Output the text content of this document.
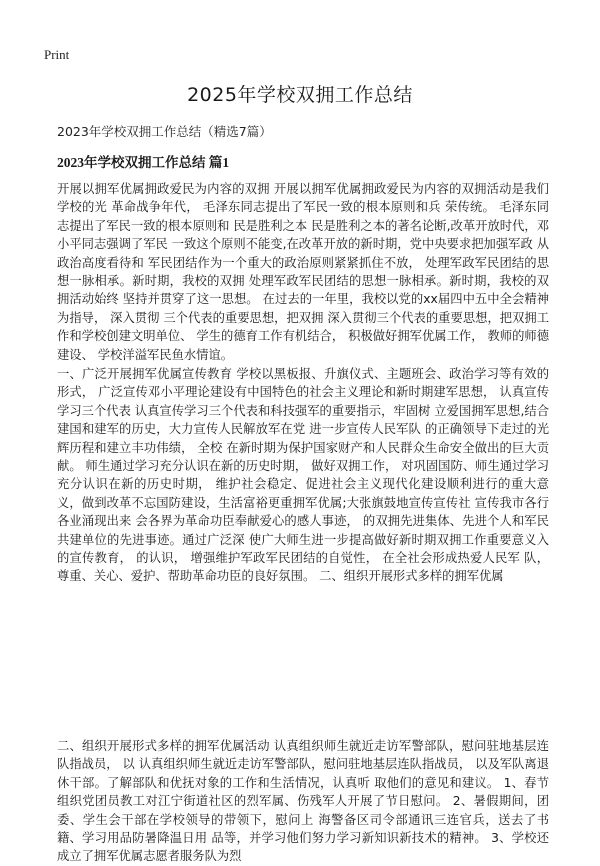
Print
2025年学校双拥工作总结

2023年学校双拥工作总结（精选7篇）

2023年学校双拥工作总结 篇1

开展以拥军优属拥政爱民为内容的双拥 开展以拥军优属拥政爱民为内容的双拥活动是我们学校的光 革命战争年代， 毛泽东同志提出了军民一致的根本原则和兵 荣传统。 毛泽东同志提出了军民一致的根本原则和 民是胜利之本 民是胜利之本的著名论断,改革开放时代，邓小平同志强调了军民 一致这个原则不能变,在改革开放的新时期，党中央要求把加强军政 从政治高度看待和 军民团结作为一个重大的政治原则紧紧抓住不放， 处理军政军民团结的思想一脉相承。新时期，我校的双拥 处理军政军民团结的思想一脉相承。新时期，我校的双拥活动始终 坚持并贯穿了这一思想。 在过去的一年里，我校以党的xx届四中五中全会精神为指导， 深入贯彻 三个代表的重要思想，把双拥 深入贯彻三个代表的重要思想，把双拥工作和学校创建文明单位、 学生的德育工作有机结合， 积极做好拥军优属工作， 教师的师德建设、 学校洋溢军民鱼水情谊。

一、广泛开展拥军优属宣传教育 学校以黑板报、升旗仪式、主题班会、政治学习等有效的形式， 广泛宣传邓小平理论建设有中国特色的社会主义理论和新时期建军思想， 认真宣传学习三个代表 认真宣传学习三个代表和科技强军的重要指示，牢固树 立爱国拥军思想,结合建国和建军的历史，大力宣传人民解放军在党 进一步宣传人民军队 的正确领导下走过的光辉历程和建立丰功伟绩， 全校 在新时期为保护国家财产和人民群众生命安全做出的巨大贡献。 师生通过学习充分认识在新的历史时期， 做好双拥工作， 对巩固国防、师生通过学习充分认识在新的历史时期， 维护社会稳定、促进社会主义现代化建设顺利进行的重大意义，做到改革不忘国防建设，生活富裕更重拥军优属;大张旗鼓地宣传宣传社 宣传我市各行各业涌现出来 会各界为革命功臣奉献爱心的感人事迹， 的双拥先进集体、先进个人和军民共建单位的先进事迹。通过广泛深 使广大师生进一步提高做好新时期双拥工作重要意义入的宣传教育， 的认识， 增强维护军政军民团结的自觉性， 在全社会形成热爱人民军 队， 尊重、关心、爱护、帮助革命功臣的良好氛围。 二、组织开展形式多样的拥军优属

二、组织开展形式多样的拥军优属活动 认真组织师生就近走访军警部队，慰问驻地基层连队指战员， 以 认真组织师生就近走访军警部队，慰问驻地基层连队指战员， 以及军队离退休干部。了解部队和优抚对象的工作和生活情况，认真听 取他们的意见和建议。 1、春节组织党团员教工对江宁街道社区的烈军属、伤残军人开展了节日慰问。 2、暑假期间，团委、学生会干部在学校领导的带领下，慰问上 海警备区司令部通讯三连官兵，送去了书籍、学习用品防暑降温日用 品等，并学习他们努力学习新知识新技术的精神。 3、学校还成立了拥军优属志愿者服务队为烈
